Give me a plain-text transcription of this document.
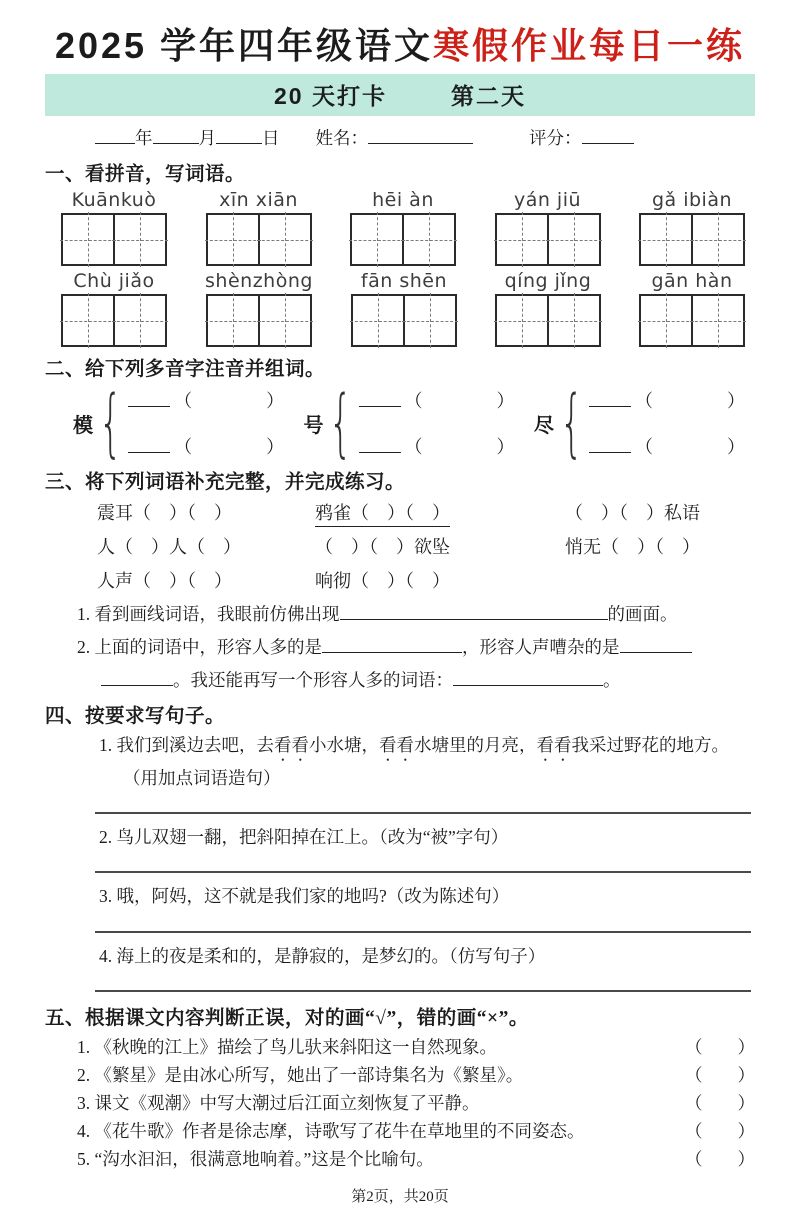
2025 学年四年级语文寒假作业每日一练
20 天打卡	第二天
年	月	日 姓名：	评分：
一、看拼音，写词语。
Kuānkuò	xīn xiān	hēi àn	yán jiū	gǎ ibiàn
Chù jiǎo	shènzhòng	fān shēn	qíng jǐng	gān hàn
二、给下列多音字注音并组词。
模
{
（	）
（	）
号
{
（	）
（	）
尽
{
（	）
（	）
三、将下列词语补充完整，并完成练习。
震耳（　）（　）	鸦雀（　）（　）	（　）（　）私语
人（　）人（　）	（　）（　）欲坠	悄无（　）（　）
人声（　）（　）	响彻（　）（　）
1. 看到画线词语，我眼前仿佛出现	的画面。
2. 上面的词语中，形容人多的是	，形容人声嘈杂的是
。我还能再写一个形容人多的词语：	。
四、按要求写句子。
1. 我们到溪边去吧，去看看小水塘，看看水塘里的月亮，看看我采过野花的地方。（用加点词语造句）
2. 鸟儿双翅一翻，把斜阳掉在江上。（改为“被”字句）
3. 哦，阿妈，这不就是我们家的地吗?（改为陈述句）
4. 海上的夜是柔和的，是静寂的，是梦幻的。（仿写句子）
五、根据课文内容判断正误，对的画“√”，错的画“×”。
1. 《秋晚的江上》描绘了鸟儿驮来斜阳这一自然现象。	（　　）
2. 《繁星》是由冰心所写，她出了一部诗集名为《繁星》。	（　　）
3. 课文《观潮》中写大潮过后江面立刻恢复了平静。	（　　）
4. 《花牛歌》作者是徐志摩，诗歌写了花牛在草地里的不同姿态。	（　　）
5. “沟水汩汩，很满意地响着。”这是个比喻句。	（　　）
第2页，共20页
